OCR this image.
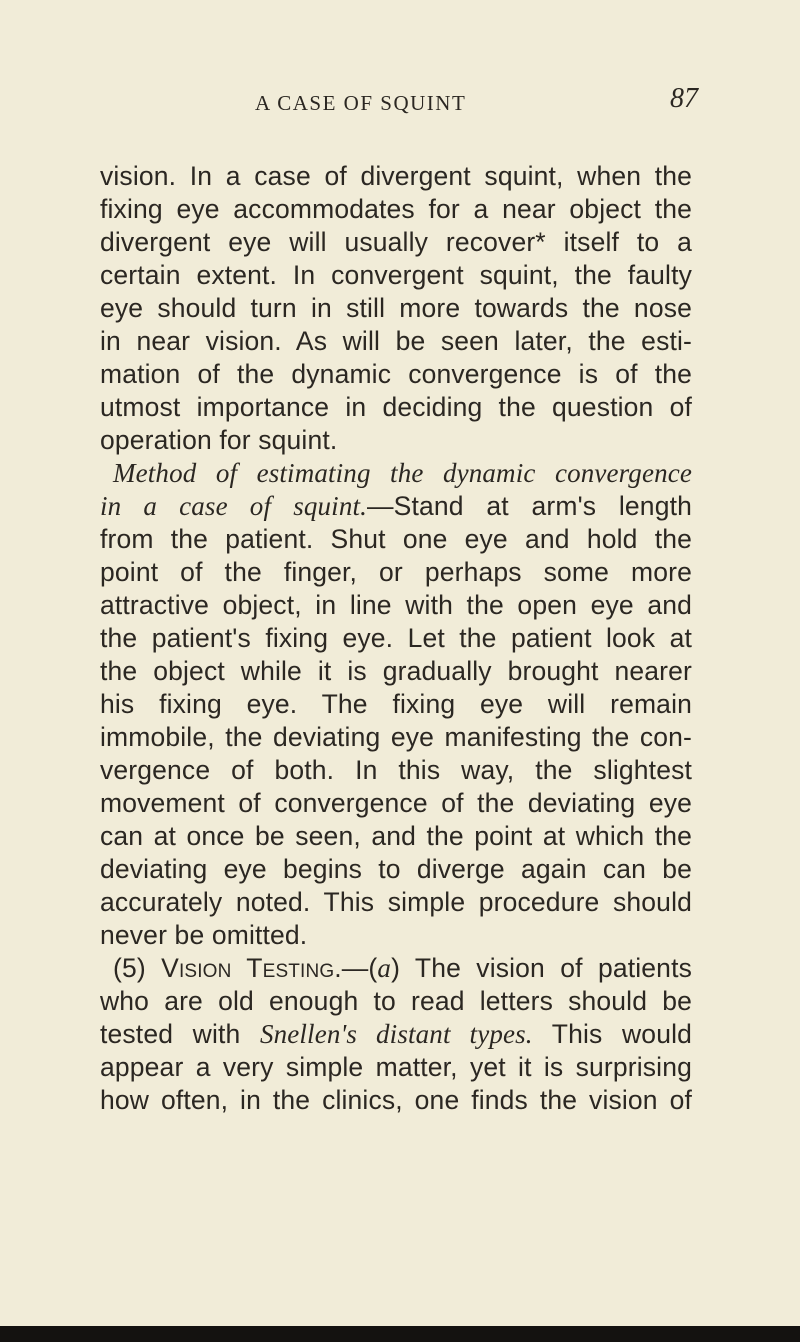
A CASE OF SQUINT	87
vision. In a case of divergent squint, when the
fixing eye accommodates for a near object the
divergent eye will usually recover* itself to a
certain extent. In convergent squint, the faulty
eye should turn in still more towards the nose
in near vision. As will be seen later, the esti-
mation of the dynamic convergence is of the
utmost importance in deciding the question of
operation for squint.
Method of estimating the dynamic convergence
in a case of squint.—Stand at arm's length
from the patient. Shut one eye and hold the
point of the finger, or perhaps some more
attractive object, in line with the open eye and
the patient's fixing eye. Let the patient look at
the object while it is gradually brought nearer
his fixing eye. The fixing eye will remain
immobile, the deviating eye manifesting the con-
vergence of both. In this way, the slightest
movement of convergence of the deviating eye
can at once be seen, and the point at which the
deviating eye begins to diverge again can be
accurately noted. This simple procedure should
never be omitted.
(5) Vision Testing.—(a) The vision of patients
who are old enough to read letters should be
tested with Snellen's distant types. This would
appear a very simple matter, yet it is surprising
how often, in the clinics, one finds the vision of
